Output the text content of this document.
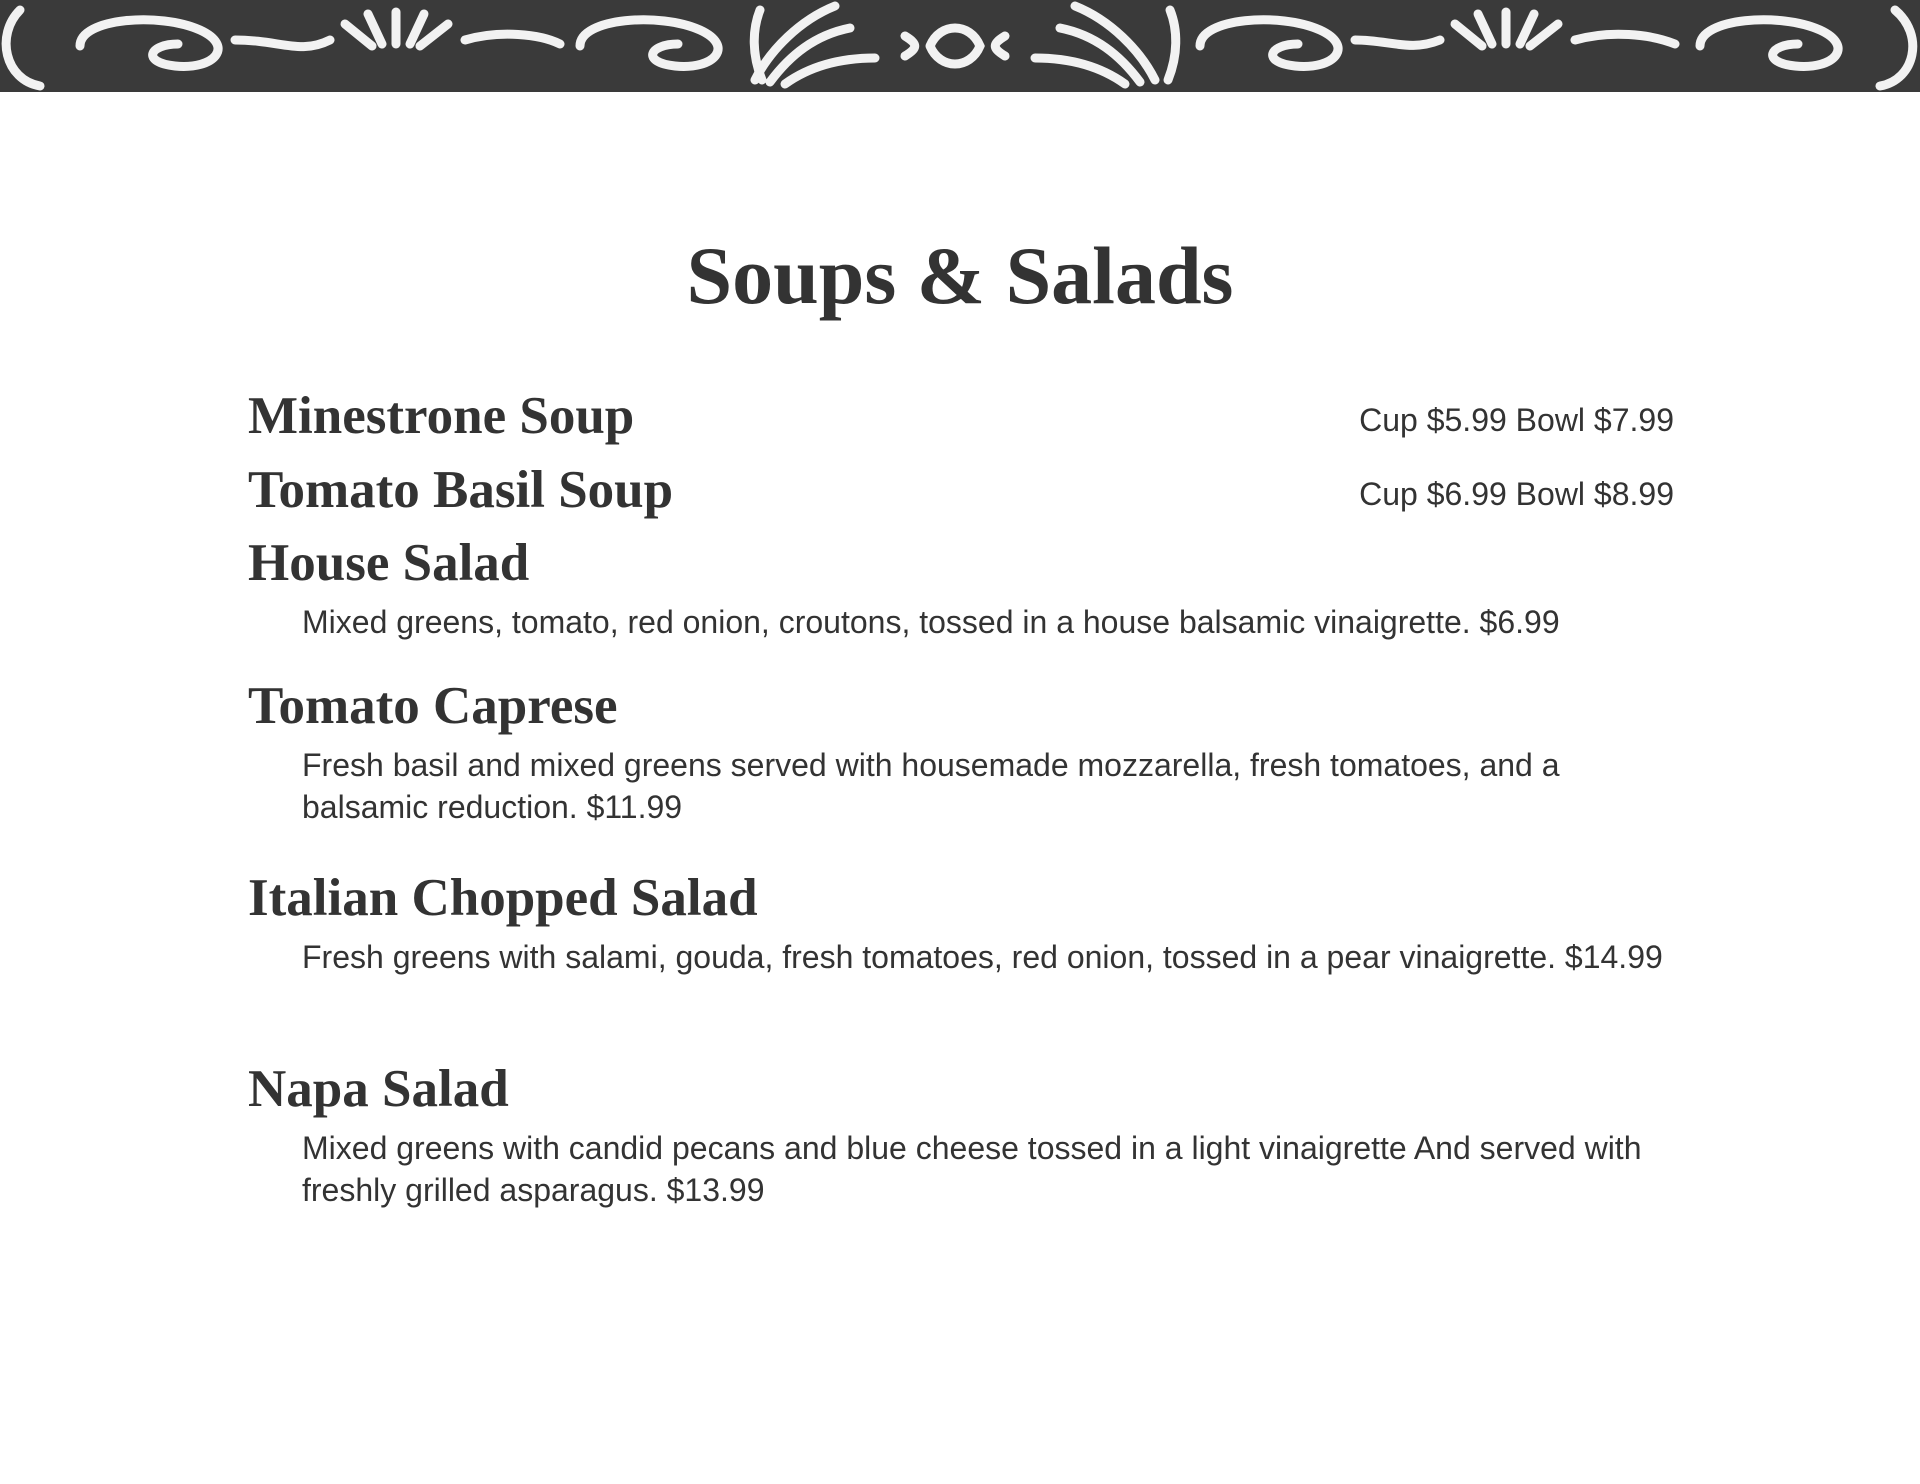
Soups & Salads
Minestrone Soup	Cup $5.99 Bowl $7.99
Tomato Basil Soup	Cup $6.99 Bowl $8.99
House Salad
Mixed greens, tomato, red onion, croutons, tossed in a house balsamic vinaigrette. $6.99
Tomato Caprese
Fresh basil and mixed greens served with housemade mozzarella, fresh tomatoes, and a balsamic reduction. $11.99
Italian Chopped Salad
Fresh greens with salami, gouda, fresh tomatoes, red onion, tossed in a pear vinaigrette. $14.99
Napa Salad
Mixed greens with candid pecans and blue cheese tossed in a light vinaigrette And served with freshly grilled asparagus. $13.99
